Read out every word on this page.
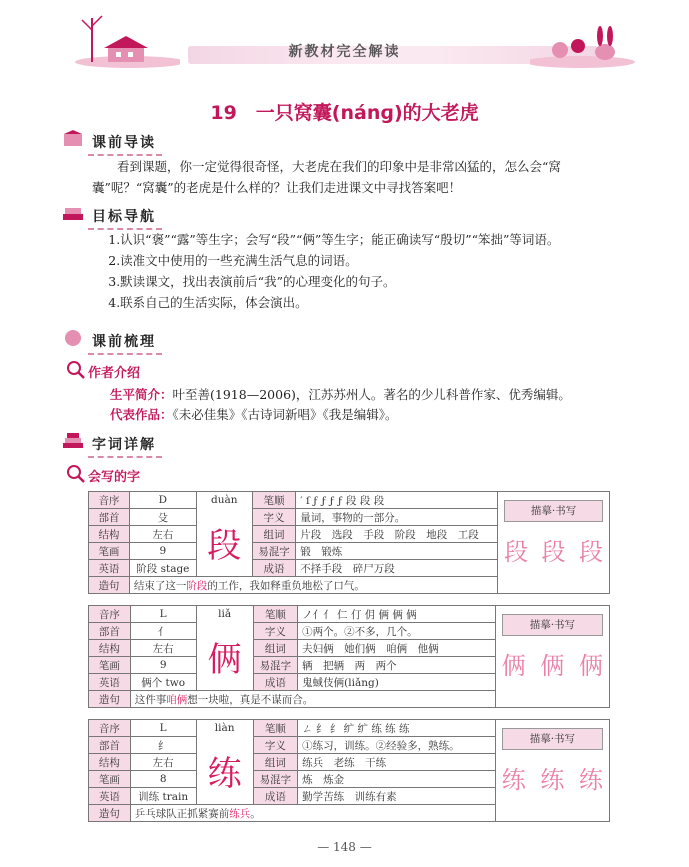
新教材完全解读
19　一只窝囊(nánɡ)的大老虎
课前导读
看到课题，你一定觉得很奇怪，大老虎在我们的印象中是非常凶猛的，怎么会“窝囊”呢？“窝囊”的老虎是什么样的？让我们走进课文中寻找答案吧！
目标导航
1.认识“褒”“露”等生字；会写“段”“俩”等生字；能正确读写“殷切”“笨拙”等词语。
2.读准文中使用的一些充满生活气息的词语。
3.默读课文，找出表演前后“我”的心理变化的句子。
4.联系自己的生活实际，体会演出。
课前梳理
作者介绍
生平简介：叶至善(1918—2006)，江苏苏州人。著名的少儿科普作家、优秀编辑。
代表作品：《未必佳集》《古诗词新唱》《我是编辑》。
字词详解
会写的字
音序	D	duàn	笔顺	′ ſ ϝ ϝ ϝ ϝ 段 段 段	描摹·书写
段 段 段

部首	殳	段	字义	量词，事物的一部分。	
结构	左右		组词	片段　选段　手段　阶段　地段　工段	
笔画	9		易混字	锻　锻炼	
英语	阶段 stage		成语	不择手段　碎尸万段	
造句	结束了这一阶段的工作，我如释重负地松了口气。				
音序	L	liǎ	笔顺	ノ亻亻 仁 仃 仴 俩 俩 俩	描摹·书写
俩 俩 俩

部首	亻	俩	字义	①两个。②不多，几个。	
结构	左右		组词	夫妇俩　她们俩　咱俩　他俩	
笔画	9		易混字	辆　把辆　两　两个	
英语	俩个 two		成语	鬼蜮伎俩(liǎng)	
造句	这件事咱俩想一块啦，真是不谋而合。				
音序	L	liàn	笔顺	ㄥ 纟 纟 纩 纩 练 练 练	描摹·书写
练 练 练

部首	纟	练	字义	①练习，训练。②经验多，熟练。	
结构	左右		组词	练兵　老练　干练	
笔画	8		易混字	炼　炼金	
英语	训练 train		成语	勤学苦练　训练有素	
造句	乒乓球队正抓紧赛前练兵。				
— 148 —
